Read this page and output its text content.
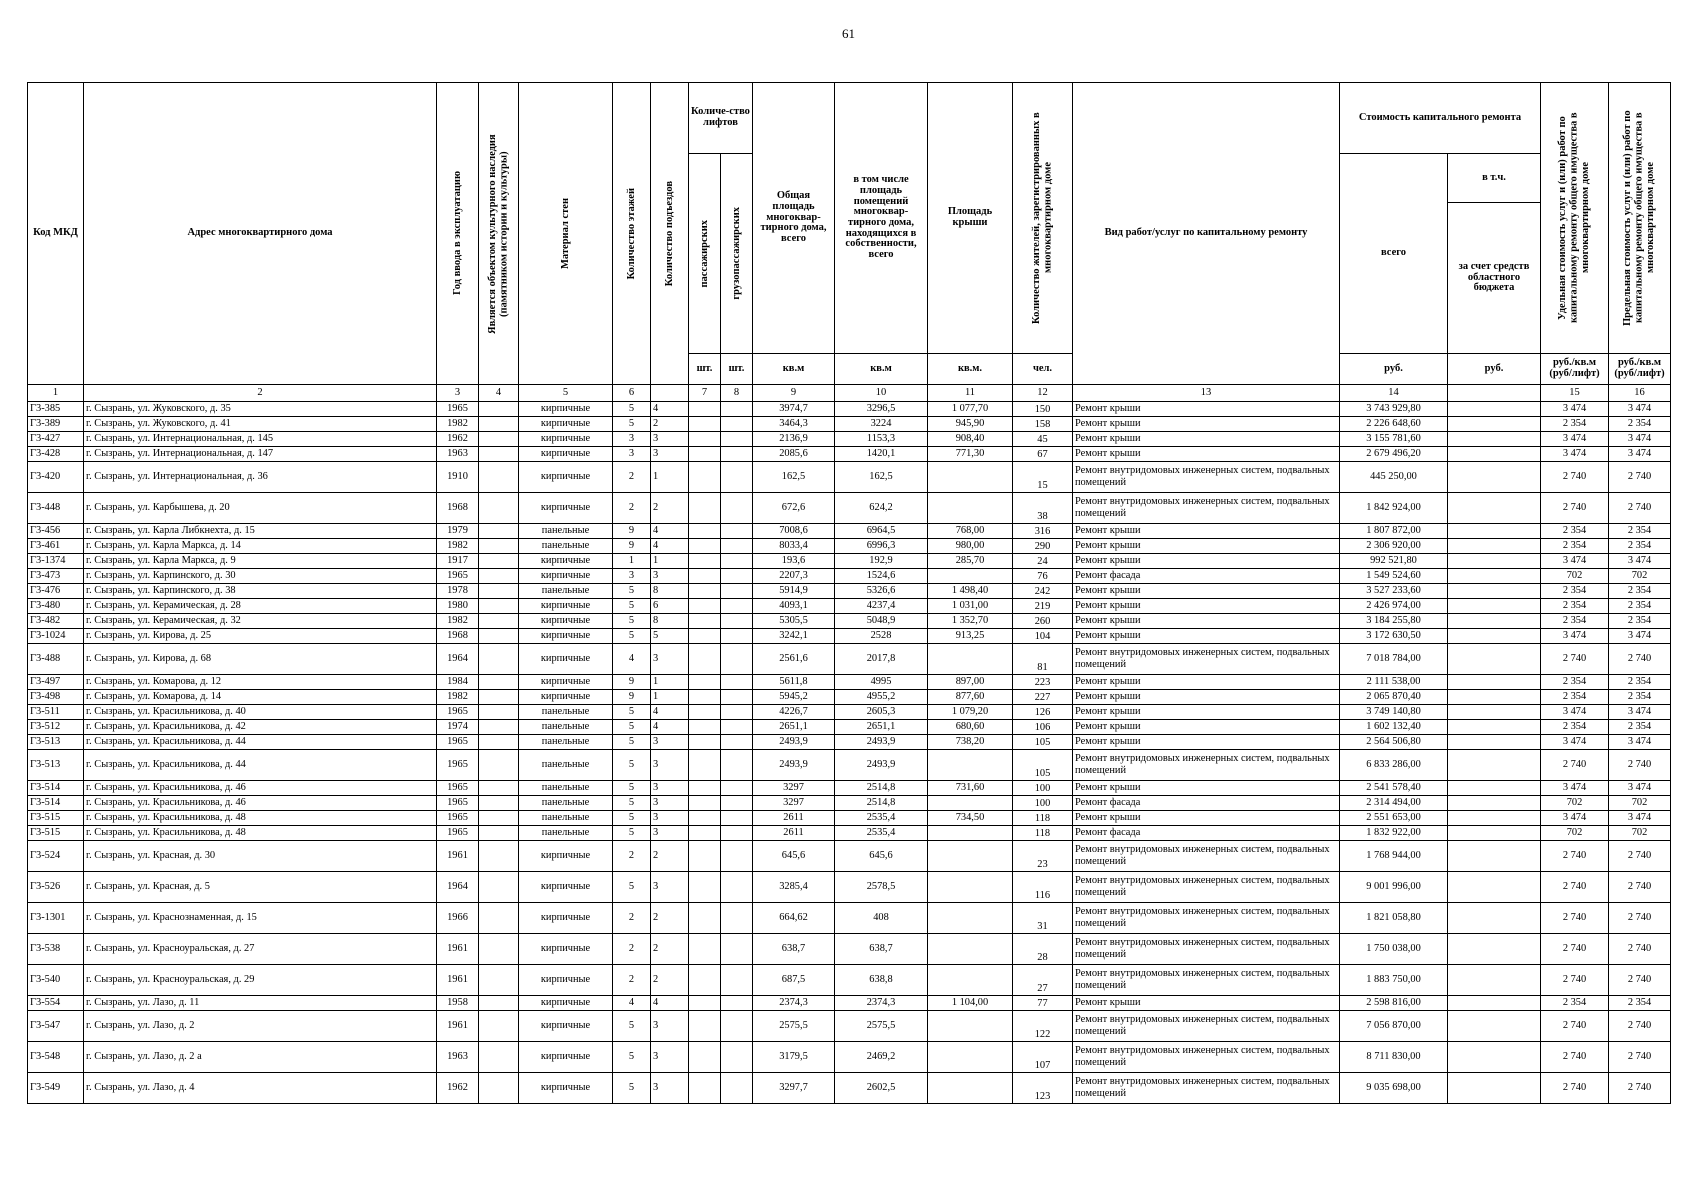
61
Код МКД	Адрес многоквартирного дома	Год ввода в эксплуатацию	Является объектом культурного наследия (памятником истории и культуры)	Материал стен	Количество этажей	Количество подъездов	Количе-ство лифтов		Общая площадь многоквар-тирного дома, всего	в том числе площадь помещений многоквар-тирного дома, находящихся в собственности, всего	Площадь крыши	Количество жителей, зарегистрированных в многоквартирном доме	Вид работ/услуг по капитальному ремонту	Стоимость капитального ремонта		Удельная стоимость услуг и (или) работ по капитальному ремонту общего имущества в многоквартирном доме	Предельная стоимость услуг и (или) работ по капитальному ремонту общего имущества в многоквартирном доме

							пассажирских	грузопассажирских						всего	в т.ч.
за счет средств областного бюджета		

							шт.	шт.	кв.м	кв.м	кв.м.	чел.		руб.	руб.	руб./кв.м (руб/лифт)	руб./кв.м (руб/лифт)
1	2	3	4	5	6		7	8	9	10	11	12	13	14		15	16
Г3-385	г. Сызрань, ул. Жуковского, д. 35	1965		кирпичные	5	4			3974,7	3296,5	1 077,70	150	Ремонт крыши	3 743 929,80		3 474	3 474
Г3-389	г. Сызрань, ул. Жуковского, д. 41	1982		кирпичные	5	2			3464,3	3224	945,90	158	Ремонт крыши	2 226 648,60		2 354	2 354
Г3-427	г. Сызрань, ул. Интернациональная, д. 145	1962		кирпичные	3	3			2136,9	1153,3	908,40	45	Ремонт крыши	3 155 781,60		3 474	3 474
Г3-428	г. Сызрань, ул. Интернациональная, д. 147	1963		кирпичные	3	3			2085,6	1420,1	771,30	67	Ремонт крыши	2 679 496,20		3 474	3 474
Г3-420	г. Сызрань, ул. Интернациональная, д. 36	1910		кирпичные	2	1			162,5	162,5		15	Ремонт внутридомовых инженерных систем, подвальных помещений	445 250,00		2 740	2 740
Г3-448	г. Сызрань, ул. Карбышева, д. 20	1968		кирпичные	2	2			672,6	624,2		38	Ремонт внутридомовых инженерных систем, подвальных помещений	1 842 924,00		2 740	2 740
Г3-456	г. Сызрань, ул. Карла Либкнехта, д. 15	1979		панельные	9	4			7008,6	6964,5	768,00	316	Ремонт крыши	1 807 872,00		2 354	2 354
Г3-461	г. Сызрань, ул. Карла Маркса, д. 14	1982		панельные	9	4			8033,4	6996,3	980,00	290	Ремонт крыши	2 306 920,00		2 354	2 354
Г3-1374	г. Сызрань, ул. Карла Маркса, д. 9	1917		кирпичные	1	1			193,6	192,9	285,70	24	Ремонт крыши	992 521,80		3 474	3 474
Г3-473	г. Сызрань, ул. Карпинского, д. 30	1965		кирпичные	3	3			2207,3	1524,6		76	Ремонт фасада	1 549 524,60		702	702
Г3-476	г. Сызрань, ул. Карпинского, д. 38	1978		панельные	5	8			5914,9	5326,6	1 498,40	242	Ремонт крыши	3 527 233,60		2 354	2 354
Г3-480	г. Сызрань, ул. Керамическая, д. 28	1980		кирпичные	5	6			4093,1	4237,4	1 031,00	219	Ремонт крыши	2 426 974,00		2 354	2 354
Г3-482	г. Сызрань, ул. Керамическая, д. 32	1982		кирпичные	5	8			5305,5	5048,9	1 352,70	260	Ремонт крыши	3 184 255,80		2 354	2 354
Г3-1024	г. Сызрань, ул. Кирова, д. 25	1968		кирпичные	5	5			3242,1	2528	913,25	104	Ремонт крыши	3 172 630,50		3 474	3 474
Г3-488	г. Сызрань, ул. Кирова, д. 68	1964		кирпичные	4	3			2561,6	2017,8		81	Ремонт внутридомовых инженерных систем, подвальных помещений	7 018 784,00		2 740	2 740
Г3-497	г. Сызрань, ул. Комарова, д. 12	1984		кирпичные	9	1			5611,8	4995	897,00	223	Ремонт крыши	2 111 538,00		2 354	2 354
Г3-498	г. Сызрань, ул. Комарова, д. 14	1982		кирпичные	9	1			5945,2	4955,2	877,60	227	Ремонт крыши	2 065 870,40		2 354	2 354
Г3-511	г. Сызрань, ул. Красильникова, д. 40	1965		панельные	5	4			4226,7	2605,3	1 079,20	126	Ремонт крыши	3 749 140,80		3 474	3 474
Г3-512	г. Сызрань, ул. Красильникова, д. 42	1974		панельные	5	4			2651,1	2651,1	680,60	106	Ремонт крыши	1 602 132,40		2 354	2 354
Г3-513	г. Сызрань, ул. Красильникова, д. 44	1965		панельные	5	3			2493,9	2493,9	738,20	105	Ремонт крыши	2 564 506,80		3 474	3 474
Г3-513	г. Сызрань, ул. Красильникова, д. 44	1965		панельные	5	3			2493,9	2493,9		105	Ремонт внутридомовых инженерных систем, подвальных помещений	6 833 286,00		2 740	2 740
Г3-514	г. Сызрань, ул. Красильникова, д. 46	1965		панельные	5	3			3297	2514,8	731,60	100	Ремонт крыши	2 541 578,40		3 474	3 474
Г3-514	г. Сызрань, ул. Красильникова, д. 46	1965		панельные	5	3			3297	2514,8		100	Ремонт фасада	2 314 494,00		702	702
Г3-515	г. Сызрань, ул. Красильникова, д. 48	1965		панельные	5	3			2611	2535,4	734,50	118	Ремонт крыши	2 551 653,00		3 474	3 474
Г3-515	г. Сызрань, ул. Красильникова, д. 48	1965		панельные	5	3			2611	2535,4		118	Ремонт фасада	1 832 922,00		702	702
Г3-524	г. Сызрань, ул. Красная, д. 30	1961		кирпичные	2	2			645,6	645,6		23	Ремонт внутридомовых инженерных систем, подвальных помещений	1 768 944,00		2 740	2 740
Г3-526	г. Сызрань, ул. Красная, д. 5	1964		кирпичные	5	3			3285,4	2578,5		116	Ремонт внутридомовых инженерных систем, подвальных помещений	9 001 996,00		2 740	2 740
Г3-1301	г. Сызрань, ул. Краснознаменная, д. 15	1966		кирпичные	2	2			664,62	408		31	Ремонт внутридомовых инженерных систем, подвальных помещений	1 821 058,80		2 740	2 740
Г3-538	г. Сызрань, ул. Красноуральская, д. 27	1961		кирпичные	2	2			638,7	638,7		28	Ремонт внутридомовых инженерных систем, подвальных помещений	1 750 038,00		2 740	2 740
Г3-540	г. Сызрань, ул. Красноуральская, д. 29	1961		кирпичные	2	2			687,5	638,8		27	Ремонт внутридомовых инженерных систем, подвальных помещений	1 883 750,00		2 740	2 740
Г3-554	г. Сызрань, ул. Лазо, д. 11	1958		кирпичные	4	4			2374,3	2374,3	1 104,00	77	Ремонт крыши	2 598 816,00		2 354	2 354
Г3-547	г. Сызрань, ул. Лазо, д. 2	1961		кирпичные	5	3			2575,5	2575,5		122	Ремонт внутридомовых инженерных систем, подвальных помещений	7 056 870,00		2 740	2 740
Г3-548	г. Сызрань, ул. Лазо, д. 2 а	1963		кирпичные	5	3			3179,5	2469,2		107	Ремонт внутридомовых инженерных систем, подвальных помещений	8 711 830,00		2 740	2 740
Г3-549	г. Сызрань, ул. Лазо, д. 4	1962		кирпичные	5	3			3297,7	2602,5		123	Ремонт внутридомовых инженерных систем, подвальных помещений	9 035 698,00		2 740	2 740
